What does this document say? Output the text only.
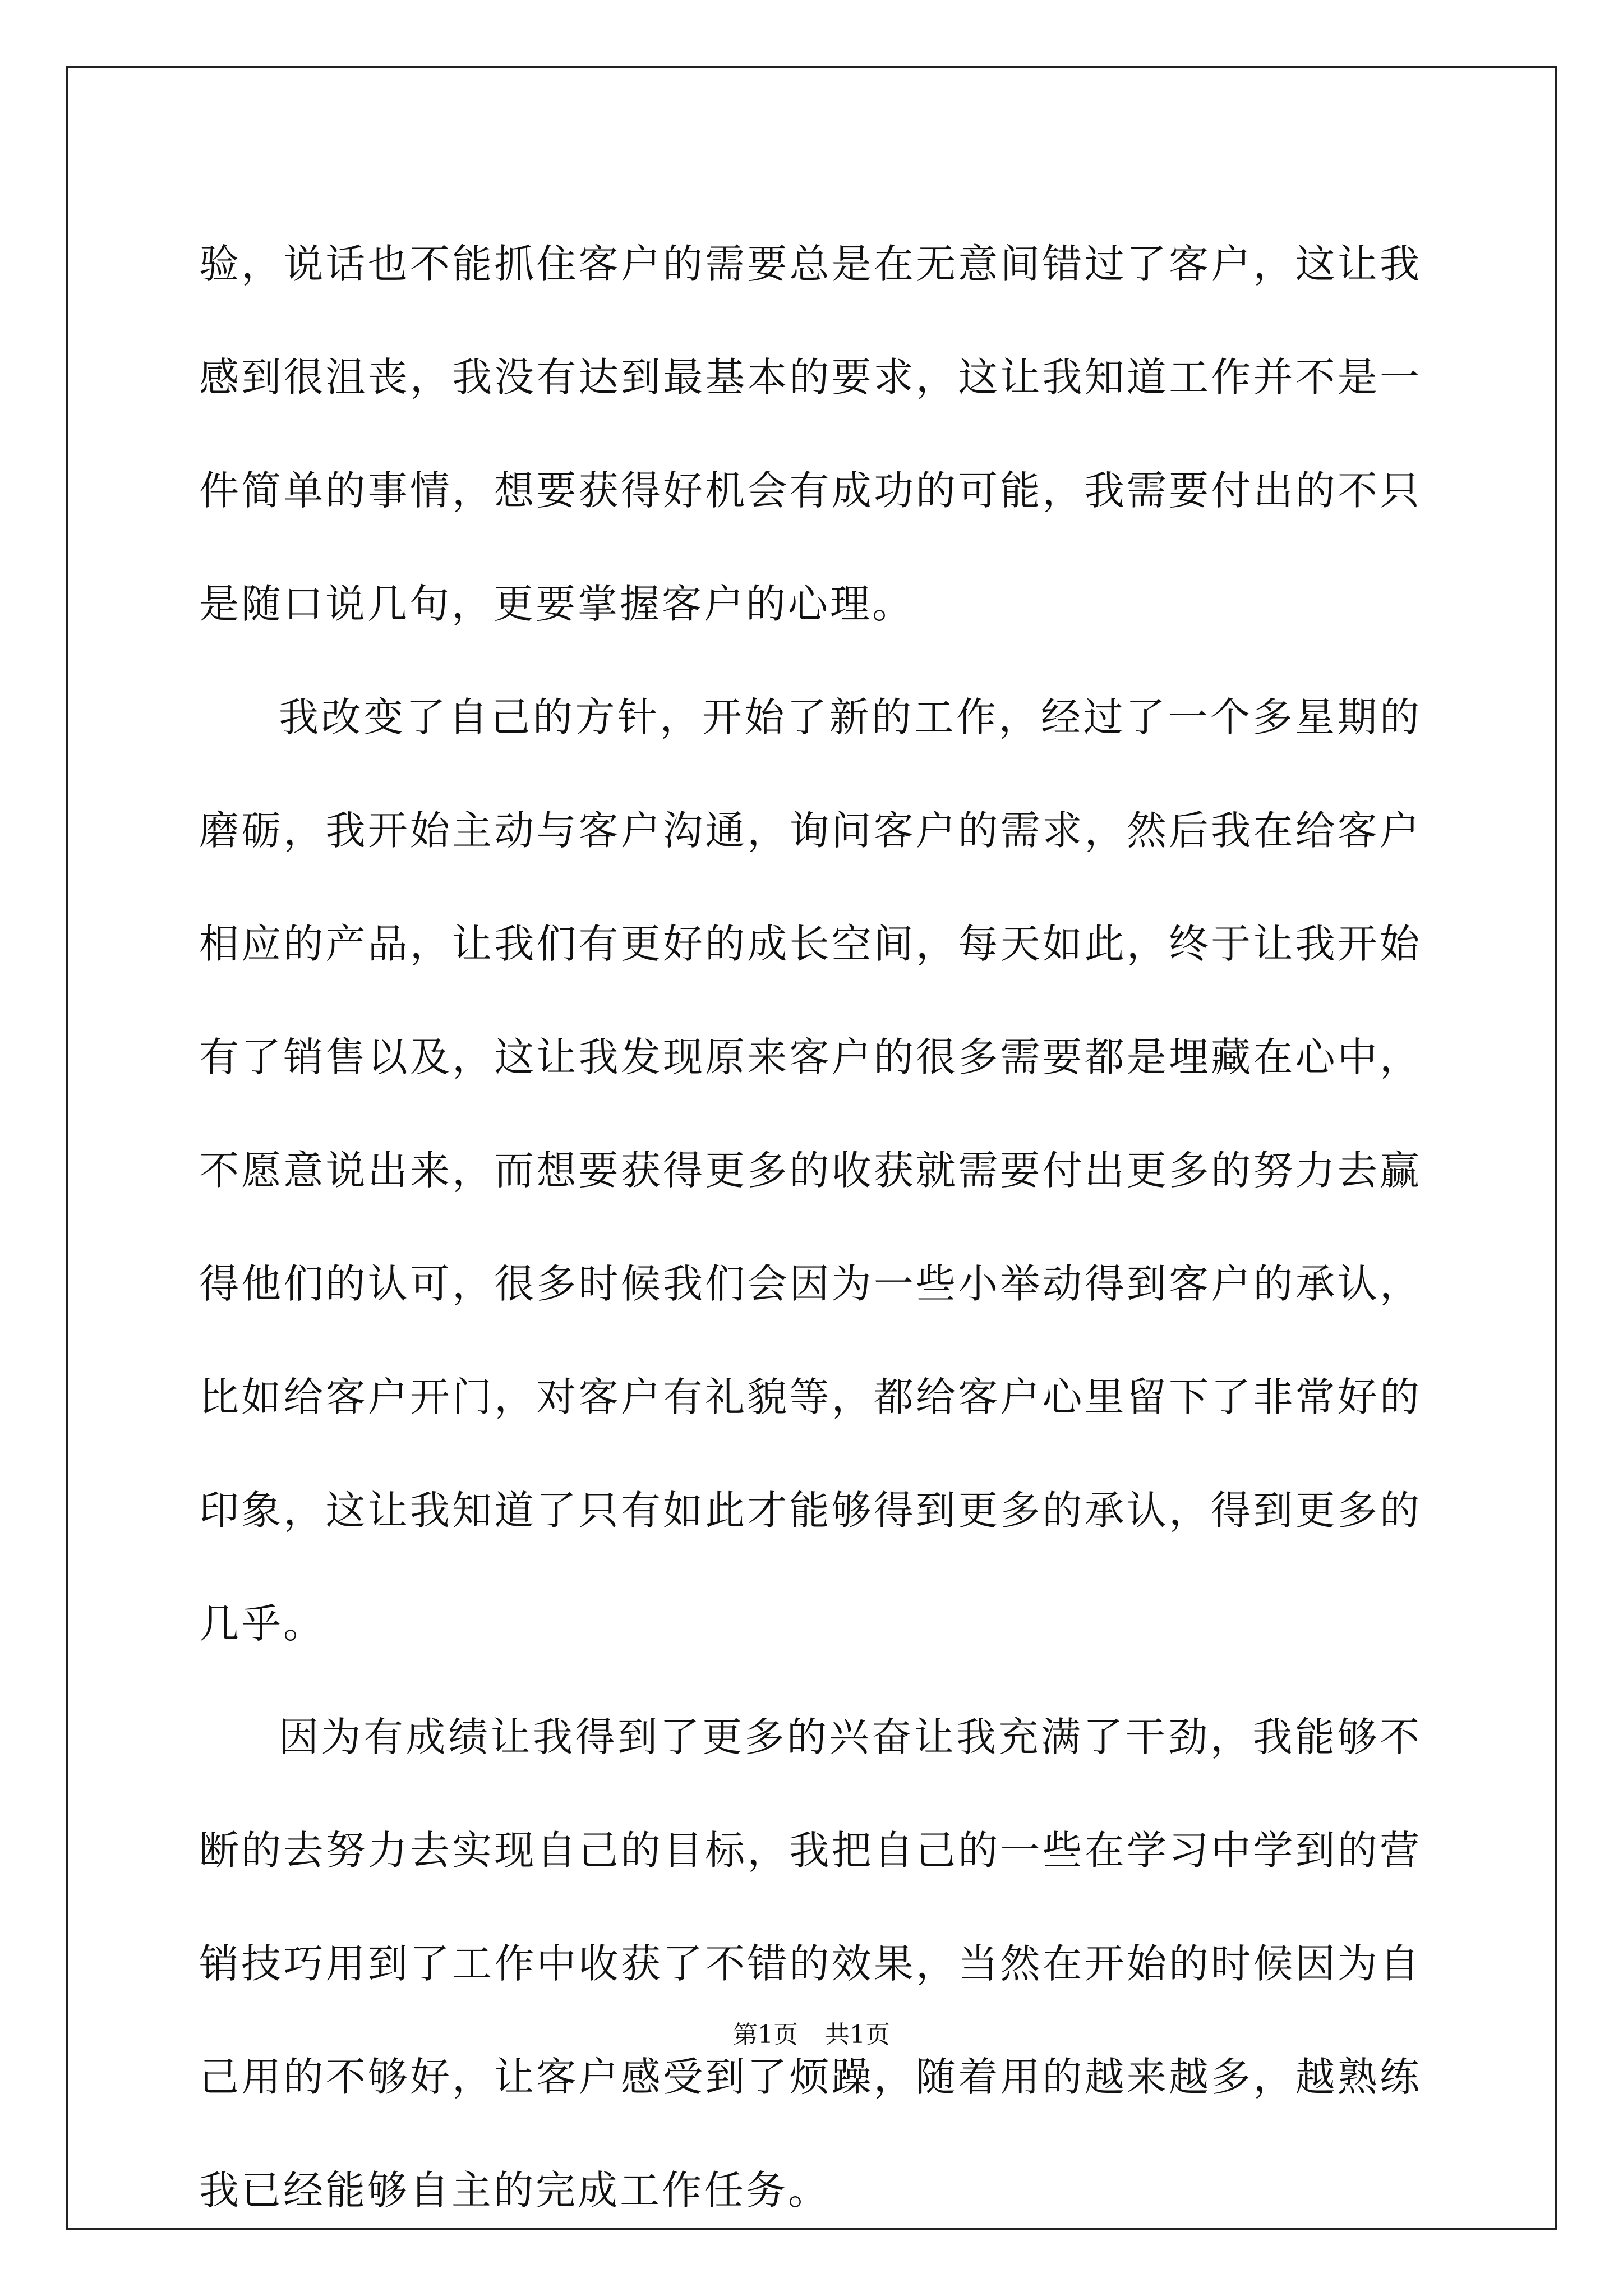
验，说话也不能抓住客户的需要总是在无意间错过了客户，这让我感到很沮丧，我没有达到最基本的要求，这让我知道工作并不是一件简单的事情，想要获得好机会有成功的可能，我需要付出的不只是随口说几句，更要掌握客户的心理。

我改变了自己的方针，开始了新的工作，经过了一个多星期的磨砺，我开始主动与客户沟通，询问客户的需求，然后我在给客户相应的产品，让我们有更好的成长空间，每天如此，终于让我开始有了销售以及，这让我发现原来客户的很多需要都是埋藏在心中，不愿意说出来，而想要获得更多的收获就需要付出更多的努力去赢得他们的认可，很多时候我们会因为一些小举动得到客户的承认，比如给客户开门，对客户有礼貌等，都给客户心里留下了非常好的印象，这让我知道了只有如此才能够得到更多的承认，得到更多的几乎。

因为有成绩让我得到了更多的兴奋让我充满了干劲，我能够不断的去努力去实现自己的目标，我把自己的一些在学习中学到的营销技巧用到了工作中收获了不错的效果，当然在开始的时候因为自己用的不够好，让客户感受到了烦躁，随着用的越来越多，越熟练我已经能够自主的完成工作任务。

第1页 共1页
